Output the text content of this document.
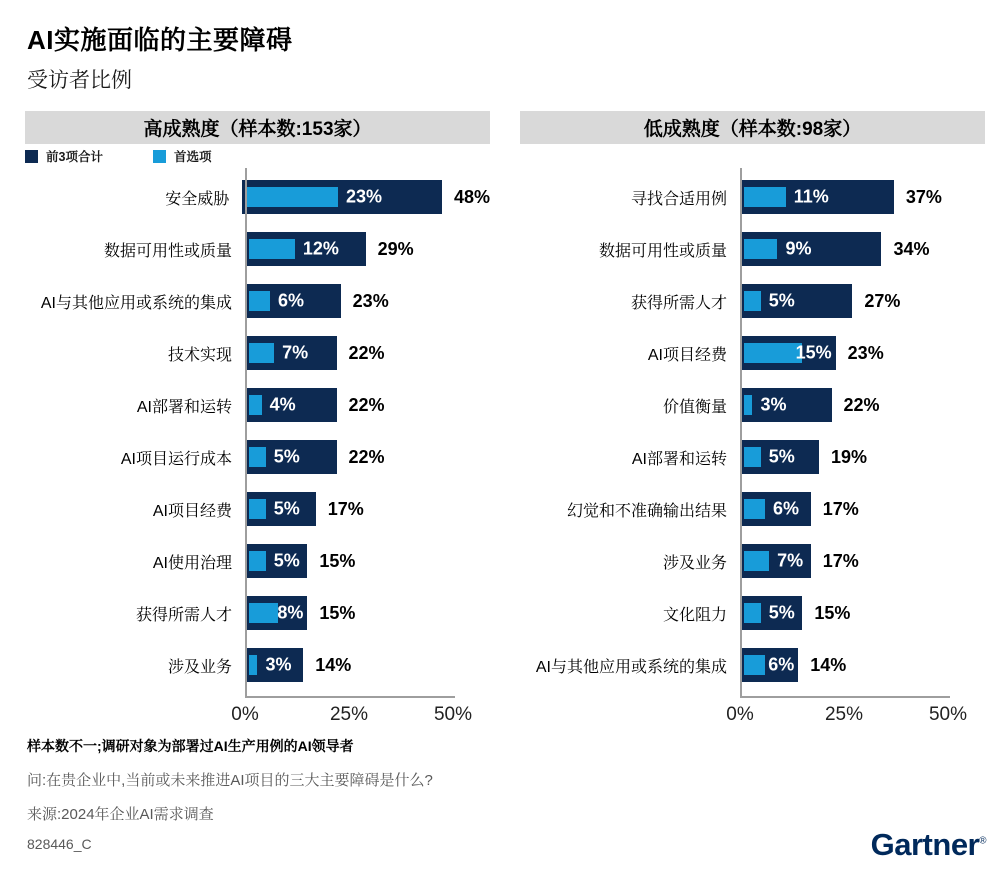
AI实施面临的主要障碍
受访者比例
高成熟度（样本数:153家）
前3项合计	首选项
安全威胁	23%	48%
数据可用性或质量	12% 29%
AI与其他应用或系统的集成	6%	23%
技术实现	7% 22%
AI部署和运转	4%	22%
AI项目运行成本	5%	22%
AI项目经费	5% 17%
AI使用治理	5% 15%
获得所需人才	8% 15%
涉及业务	3% 14%
0%	25%	50%
低成熟度（样本数:98家）
寻找合适用例	11%	37%
数据可用性或质量	9%	34%
获得所需人才	5%	27%
AI项目经费	15% 23%
价值衡量	3%	22%
AI部署和运转	5% 19%
幻觉和不准确输出结果	6% 17%
涉及业务	7% 17%
文化阻力	5% 15%
AI与其他应用或系统的集成	6% 14%
0%	25%	50%
样本数不一;调研对象为部署过AI生产用例的AI领导者
问:在贵企业中,当前或未来推进AI项目的三大主要障碍是什么?
来源:2024年企业AI需求调查
828446_C	Gartner®
